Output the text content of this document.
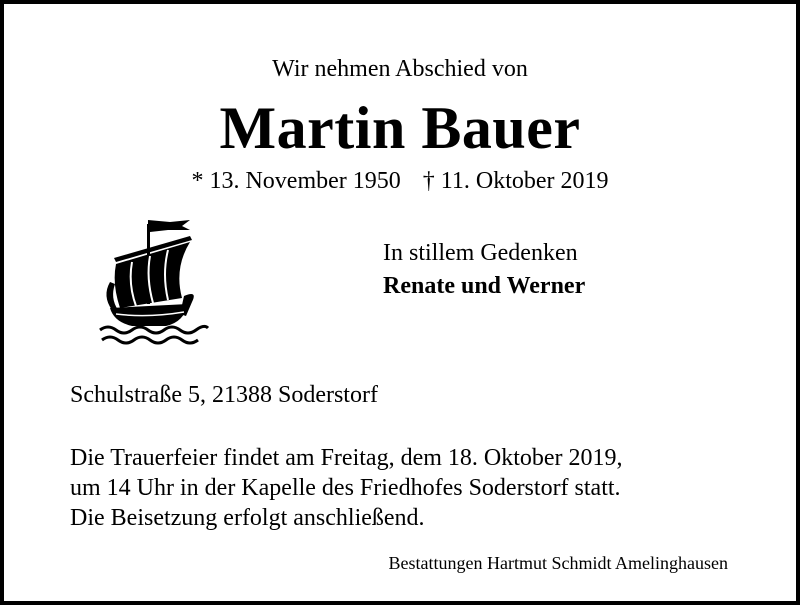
Wir nehmen Abschied von
Martin Bauer
* 13. November 1950 † 11. Oktober 2019
In stillem Gedenken
Renate und Werner
Schulstraße 5, 21388 Soderstorf
Die Trauerfeier findet am Freitag, dem 18. Oktober 2019,
um 14 Uhr in der Kapelle des Friedhofes Soderstorf statt.
Die Beisetzung erfolgt anschließend.
Bestattungen Hartmut Schmidt Amelinghausen
